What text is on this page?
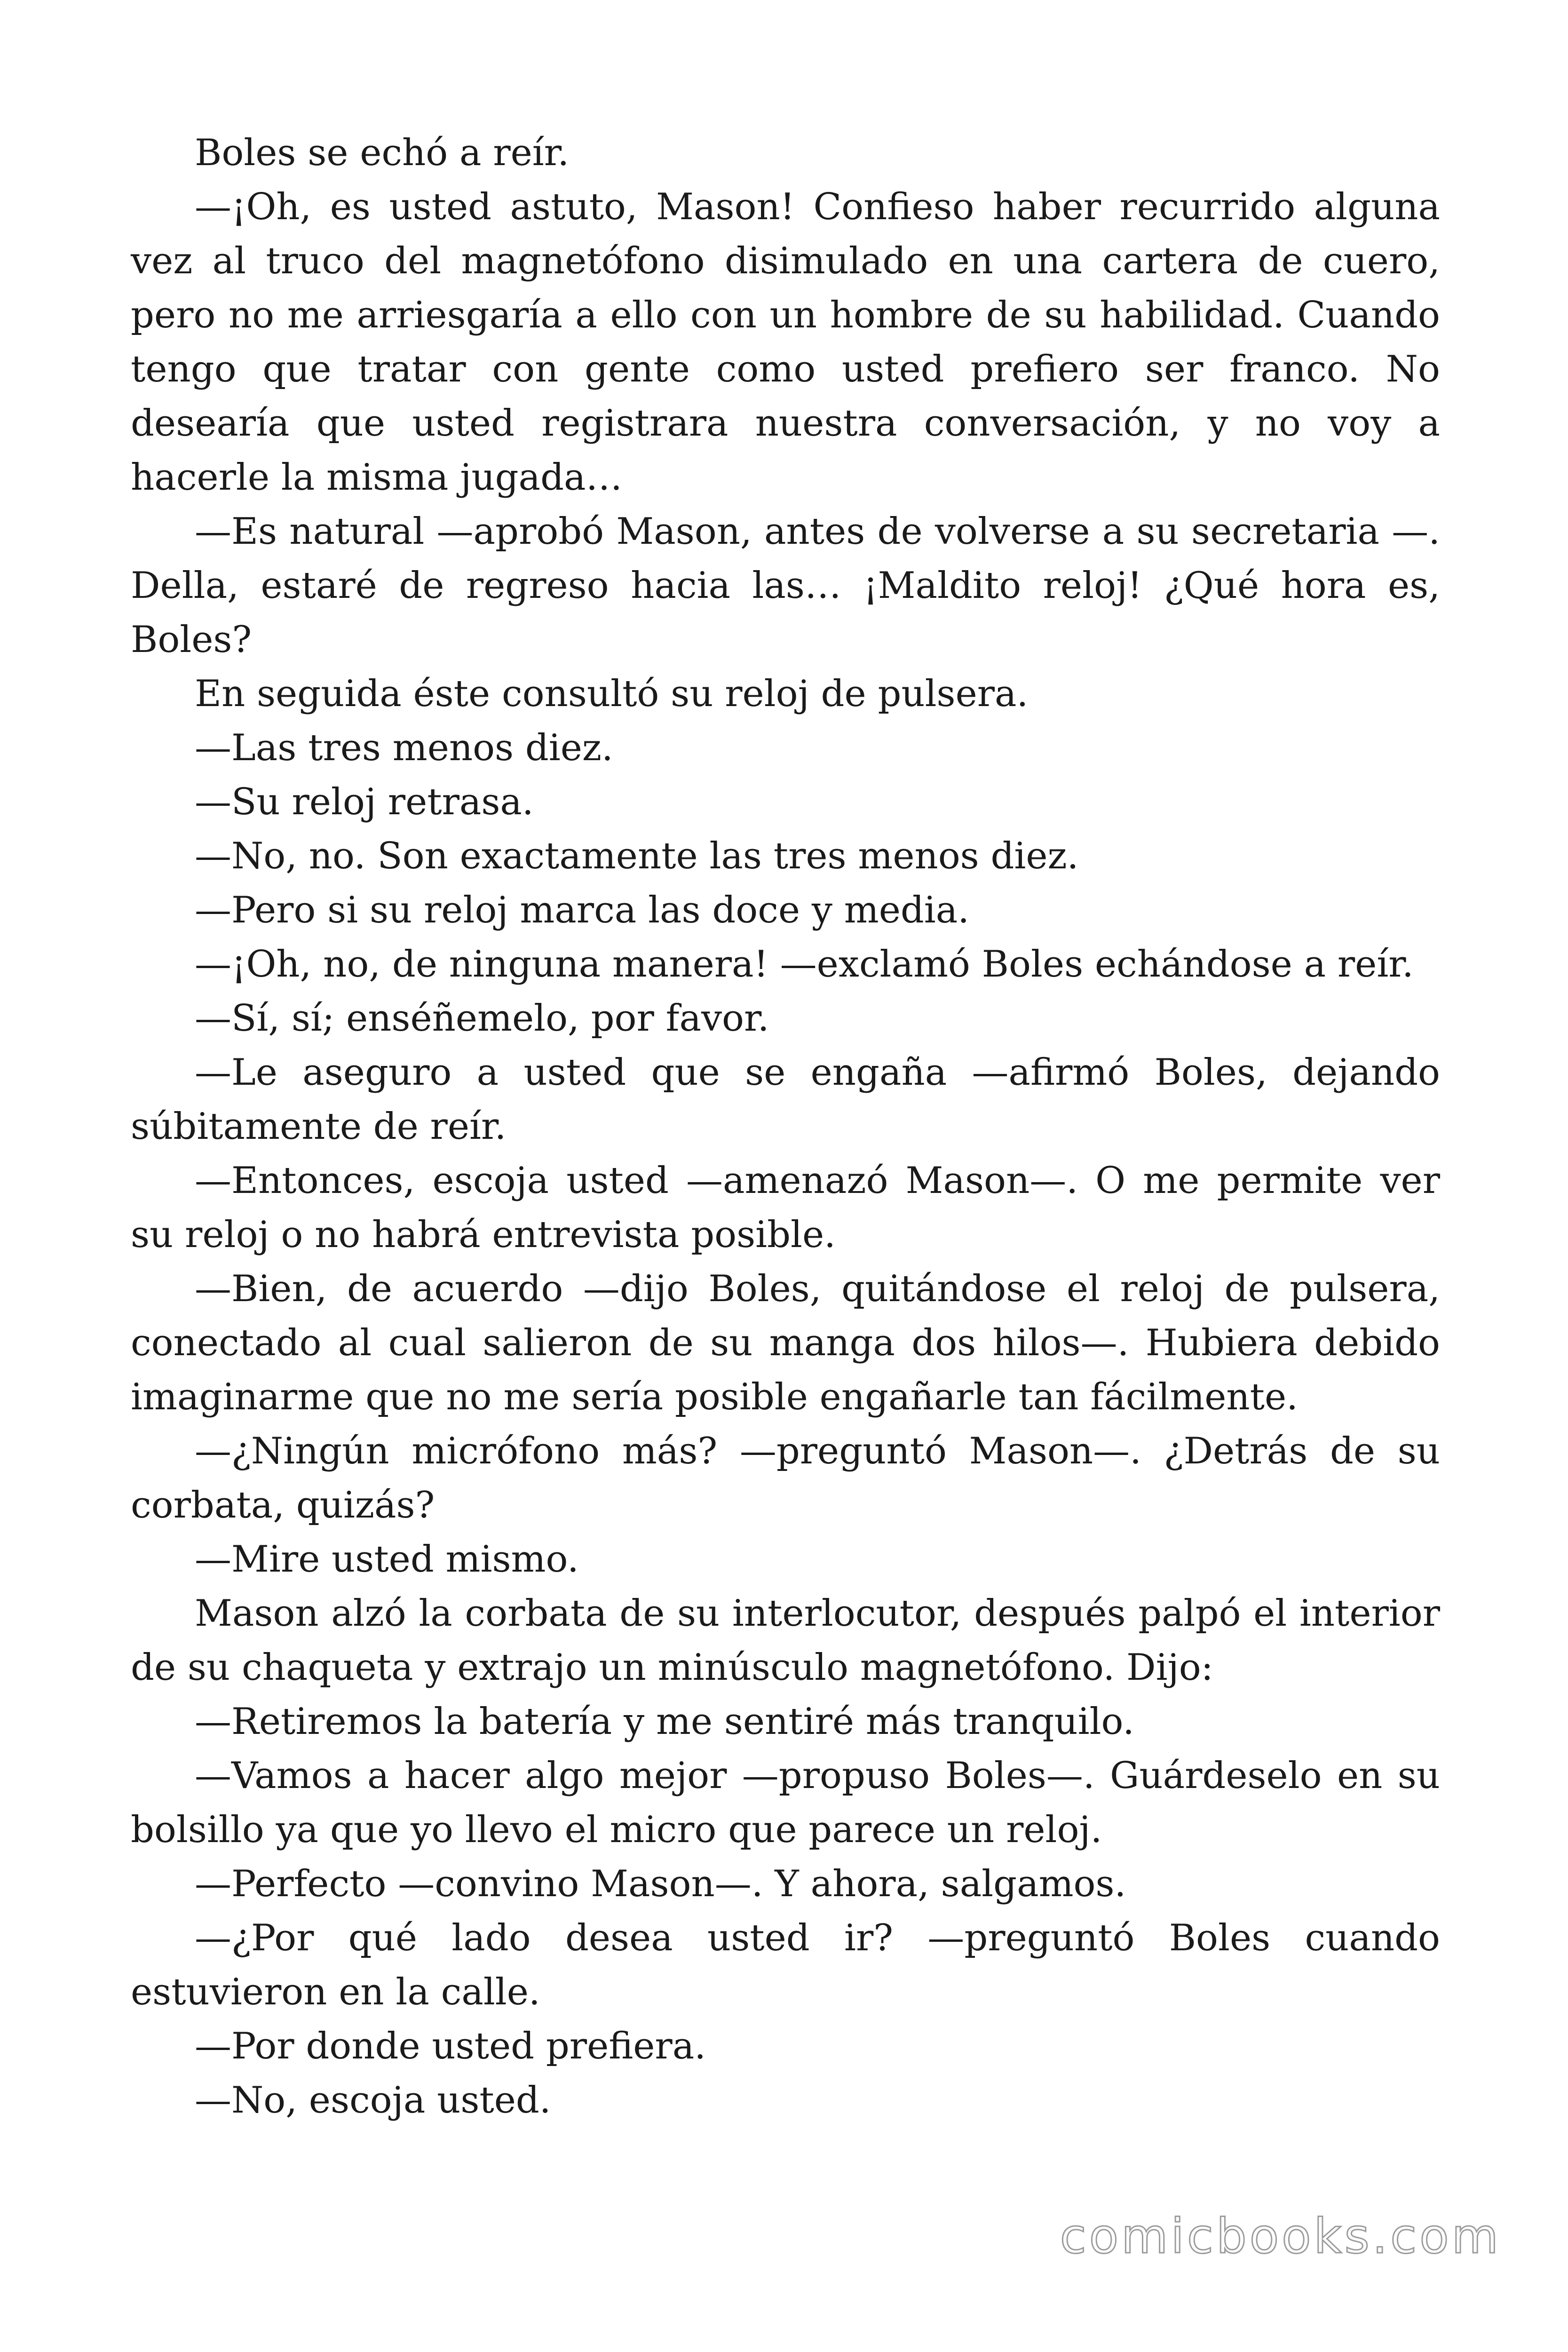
Boles se echó a reír.

—¡Oh, es usted astuto, Mason! Confieso haber recurrido alguna vez al truco del magnetófono disimulado en una cartera de cuero, pero no me arriesgaría a ello con un hombre de su habilidad. Cuando tengo que tratar con gente como usted prefiero ser franco. No desearía que usted registrara nuestra conversación, y no voy a hacerle la misma jugada…

—Es natural —aprobó Mason, antes de volverse a su secretaria —. Della, estaré de regreso hacia las… ¡Maldito reloj! ¿Qué hora es, Boles?

En seguida éste consultó su reloj de pulsera.

—Las tres menos diez.

—Su reloj retrasa.

—No, no. Son exactamente las tres menos diez.

—Pero si su reloj marca las doce y media.

—¡Oh, no, de ninguna manera! —exclamó Boles echándose a reír.

—Sí, sí; enséñemelo, por favor.

—Le aseguro a usted que se engaña —afirmó Boles, dejando súbitamente de reír.

—Entonces, escoja usted —amenazó Mason—. O me permite ver su reloj o no habrá entrevista posible.

—Bien, de acuerdo —dijo Boles, quitándose el reloj de pulsera, conectado al cual salieron de su manga dos hilos—. Hubiera debido imaginarme que no me sería posible engañarle tan fácilmente.

—¿Ningún micrófono más? —preguntó Mason—. ¿Detrás de su corbata, quizás?

—Mire usted mismo.

Mason alzó la corbata de su interlocutor, después palpó el interior de su chaqueta y extrajo un minúsculo magnetófono. Dijo:

—Retiremos la batería y me sentiré más tranquilo.

—Vamos a hacer algo mejor —propuso Boles—. Guárdeselo en su bolsillo ya que yo llevo el micro que parece un reloj.

—Perfecto —convino Mason—. Y ahora, salgamos.

—¿Por qué lado desea usted ir? —preguntó Boles cuando estuvieron en la calle.

—Por donde usted prefiera.

—No, escoja usted.

comicbooks.com
